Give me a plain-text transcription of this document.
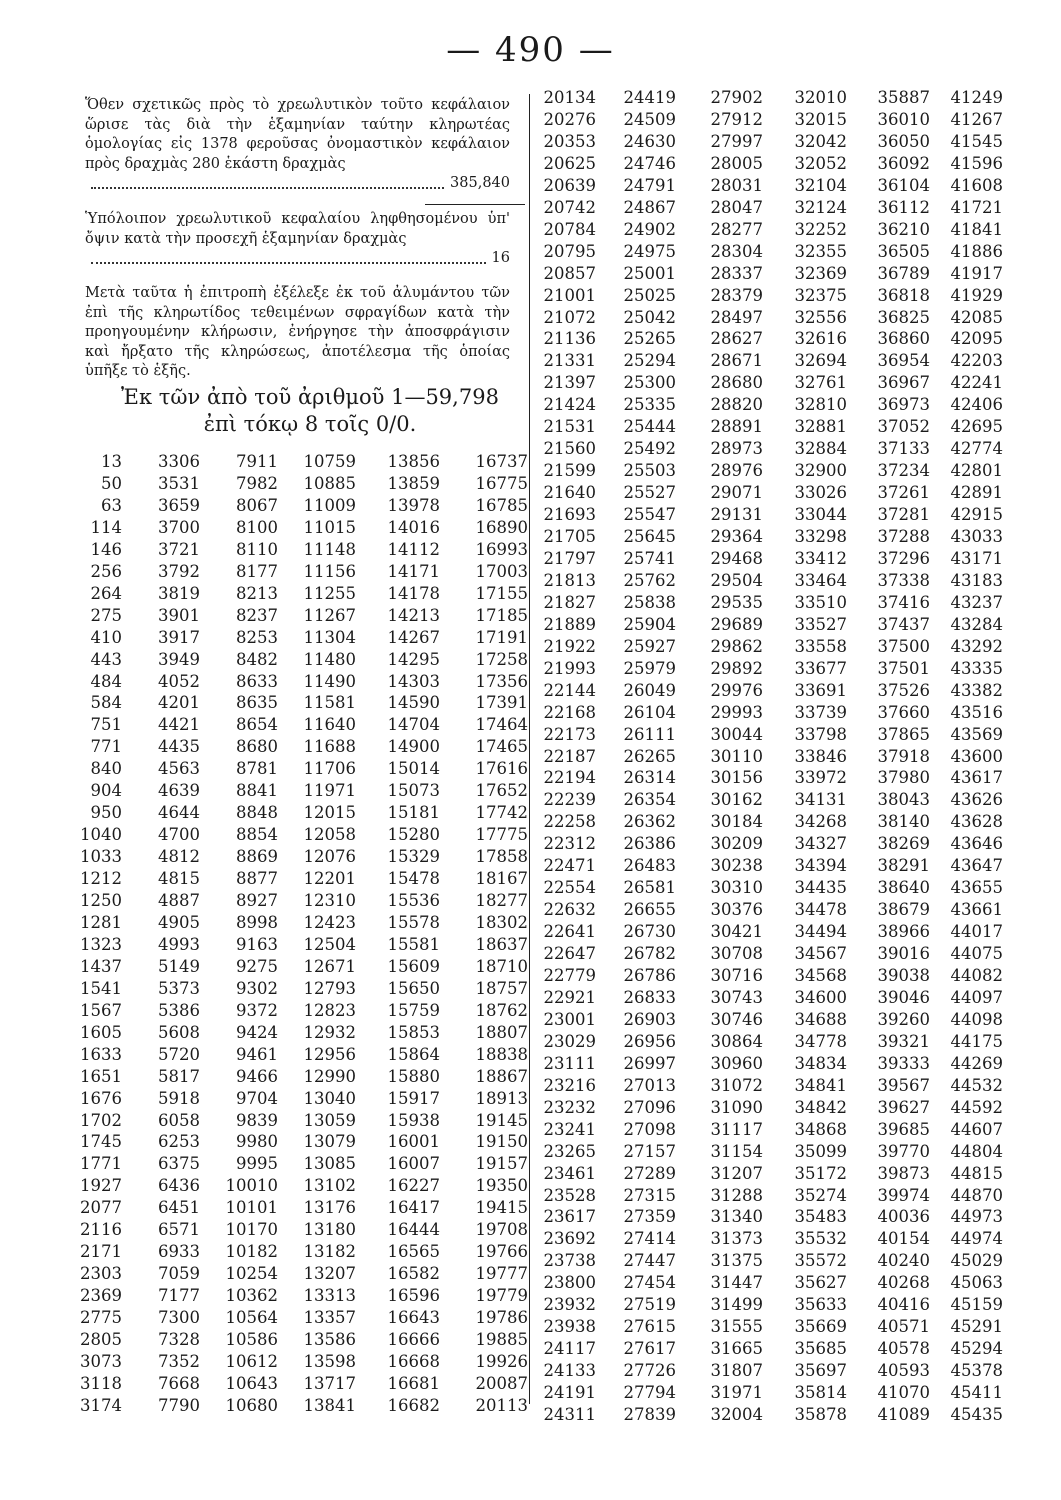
— 490 —
Ὅθεν σχετικῶς πρὸς τὸ χρεωλυτικὸν τοῦτο κεφάλαιον ὥρισε τὰς διὰ τὴν ἑξαμηνίαν ταύτην κληρωτέας ὁμολογίας εἰς 1378 φεροῦσας ὀνομαστικὸν κεφάλαιον πρὸς δραχμὰς 280 ἑκάστη δραχμὰς
385,840
Ὑπόλοιπον χρεωλυτικοῦ κεφαλαίου ληφθησομένου ὑπ' ὄψιν κατὰ τὴν προσεχῆ ἑξαμηνίαν δραχμὰς
16
Μετὰ ταῦτα ἡ ἐπιτροπὴ ἐξέλεξε ἐκ τοῦ ἀλυμάντου τῶν ἐπὶ τῆς κληρωτίδος τεθειμένων σφραγίδων κατὰ τὴν προηγουμένην κλήρωσιν, ἐνήργησε τὴν ἀποσφράγισιν καὶ ἤρξατο τῆς κληρώσεως, ἀποτέλεσμα τῆς ὁποίας ὑπῆξε τὸ ἑξῆς.
Ἐκ τῶν ἀπὸ τοῦ ἀριθμοῦ 1—59,798
ἐπὶ τόκῳ 8 τοῖς 0/0.
13
50
63
114
146
256
264
275
410
443
484
584
751
771
840
904
950
1040
1033
1212
1250
1281
1323
1437
1541
1567
1605
1633
1651
1676
1702
1745
1771
1927
2077
2116
2171
2303
2369
2775
2805
3073
3118
3174
3306
3531
3659
3700
3721
3792
3819
3901
3917
3949
4052
4201
4421
4435
4563
4639
4644
4700
4812
4815
4887
4905
4993
5149
5373
5386
5608
5720
5817
5918
6058
6253
6375
6436
6451
6571
6933
7059
7177
7300
7328
7352
7668
7790
7911
7982
8067
8100
8110
8177
8213
8237
8253
8482
8633
8635
8654
8680
8781
8841
8848
8854
8869
8877
8927
8998
9163
9275
9302
9372
9424
9461
9466
9704
9839
9980
9995
10010
10101
10170
10182
10254
10362
10564
10586
10612
10643
10680
10759
10885
11009
11015
11148
11156
11255
11267
11304
11480
11490
11581
11640
11688
11706
11971
12015
12058
12076
12201
12310
12423
12504
12671
12793
12823
12932
12956
12990
13040
13059
13079
13085
13102
13176
13180
13182
13207
13313
13357
13586
13598
13717
13841
13856
13859
13978
14016
14112
14171
14178
14213
14267
14295
14303
14590
14704
14900
15014
15073
15181
15280
15329
15478
15536
15578
15581
15609
15650
15759
15853
15864
15880
15917
15938
16001
16007
16227
16417
16444
16565
16582
16596
16643
16666
16668
16681
16682
16737
16775
16785
16890
16993
17003
17155
17185
17191
17258
17356
17391
17464
17465
17616
17652
17742
17775
17858
18167
18277
18302
18637
18710
18757
18762
18807
18838
18867
18913
19145
19150
19157
19350
19415
19708
19766
19777
19779
19786
19885
19926
20087
20113
20134
20276
20353
20625
20639
20742
20784
20795
20857
21001
21072
21136
21331
21397
21424
21531
21560
21599
21640
21693
21705
21797
21813
21827
21889
21922
21993
22144
22168
22173
22187
22194
22239
22258
22312
22471
22554
22632
22641
22647
22779
22921
23001
23029
23111
23216
23232
23241
23265
23461
23528
23617
23692
23738
23800
23932
23938
24117
24133
24191
24311
24419
24509
24630
24746
24791
24867
24902
24975
25001
25025
25042
25265
25294
25300
25335
25444
25492
25503
25527
25547
25645
25741
25762
25838
25904
25927
25979
26049
26104
26111
26265
26314
26354
26362
26386
26483
26581
26655
26730
26782
26786
26833
26903
26956
26997
27013
27096
27098
27157
27289
27315
27359
27414
27447
27454
27519
27615
27617
27726
27794
27839
27902
27912
27997
28005
28031
28047
28277
28304
28337
28379
28497
28627
28671
28680
28820
28891
28973
28976
29071
29131
29364
29468
29504
29535
29689
29862
29892
29976
29993
30044
30110
30156
30162
30184
30209
30238
30310
30376
30421
30708
30716
30743
30746
30864
30960
31072
31090
31117
31154
31207
31288
31340
31373
31375
31447
31499
31555
31665
31807
31971
32004
32010
32015
32042
32052
32104
32124
32252
32355
32369
32375
32556
32616
32694
32761
32810
32881
32884
32900
33026
33044
33298
33412
33464
33510
33527
33558
33677
33691
33739
33798
33846
33972
34131
34268
34327
34394
34435
34478
34494
34567
34568
34600
34688
34778
34834
34841
34842
34868
35099
35172
35274
35483
35532
35572
35627
35633
35669
35685
35697
35814
35878
35887
36010
36050
36092
36104
36112
36210
36505
36789
36818
36825
36860
36954
36967
36973
37052
37133
37234
37261
37281
37288
37296
37338
37416
37437
37500
37501
37526
37660
37865
37918
37980
38043
38140
38269
38291
38640
38679
38966
39016
39038
39046
39260
39321
39333
39567
39627
39685
39770
39873
39974
40036
40154
40240
40268
40416
40571
40578
40593
41070
41089
41249
41267
41545
41596
41608
41721
41841
41886
41917
41929
42085
42095
42203
42241
42406
42695
42774
42801
42891
42915
43033
43171
43183
43237
43284
43292
43335
43382
43516
43569
43600
43617
43626
43628
43646
43647
43655
43661
44017
44075
44082
44097
44098
44175
44269
44532
44592
44607
44804
44815
44870
44973
44974
45029
45063
45159
45291
45294
45378
45411
45435
